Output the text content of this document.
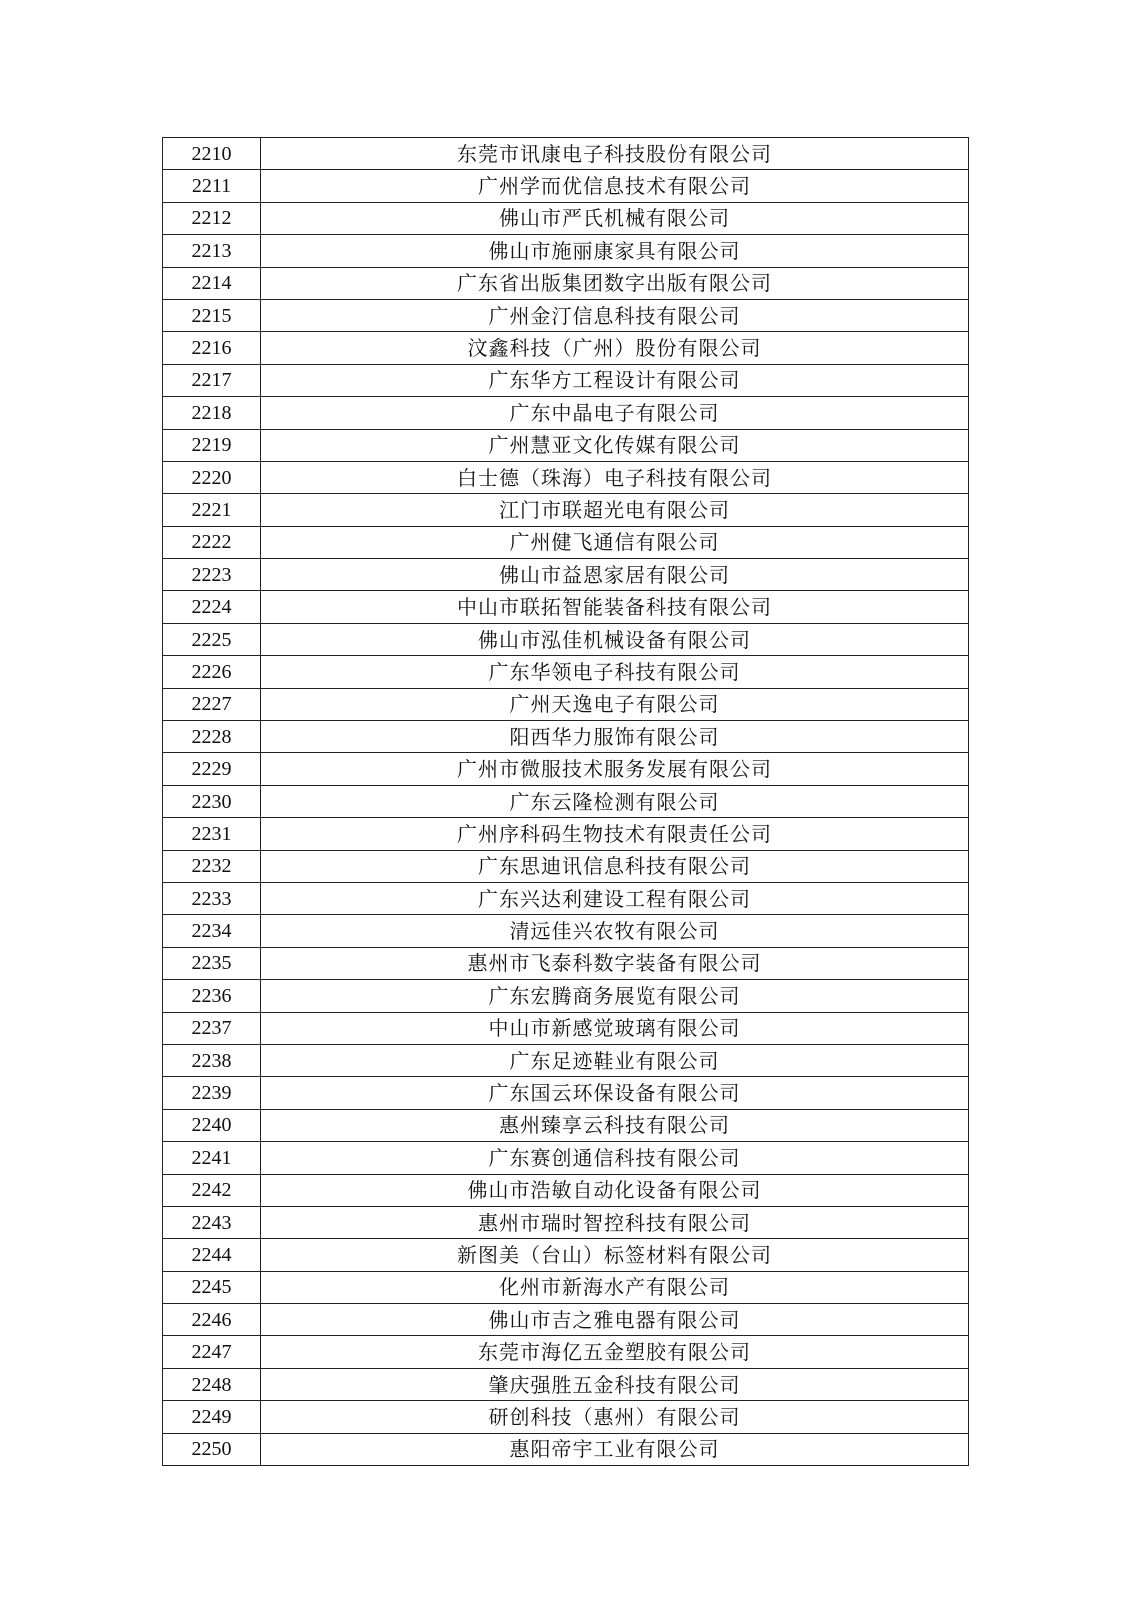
2210	东莞市讯康电子科技股份有限公司
2211	广州学而优信息技术有限公司
2212	佛山市严氏机械有限公司
2213	佛山市施丽康家具有限公司
2214	广东省出版集团数字出版有限公司
2215	广州金汀信息科技有限公司
2216	汶鑫科技（广州）股份有限公司
2217	广东华方工程设计有限公司
2218	广东中晶电子有限公司
2219	广州慧亚文化传媒有限公司
2220	白士德（珠海）电子科技有限公司
2221	江门市联超光电有限公司
2222	广州健飞通信有限公司
2223	佛山市益恩家居有限公司
2224	中山市联拓智能装备科技有限公司
2225	佛山市泓佳机械设备有限公司
2226	广东华领电子科技有限公司
2227	广州天逸电子有限公司
2228	阳西华力服饰有限公司
2229	广州市微服技术服务发展有限公司
2230	广东云隆检测有限公司
2231	广州序科码生物技术有限责任公司
2232	广东思迪讯信息科技有限公司
2233	广东兴达利建设工程有限公司
2234	清远佳兴农牧有限公司
2235	惠州市飞泰科数字装备有限公司
2236	广东宏腾商务展览有限公司
2237	中山市新感觉玻璃有限公司
2238	广东足迹鞋业有限公司
2239	广东国云环保设备有限公司
2240	惠州臻享云科技有限公司
2241	广东赛创通信科技有限公司
2242	佛山市浩敏自动化设备有限公司
2243	惠州市瑞时智控科技有限公司
2244	新图美（台山）标签材料有限公司
2245	化州市新海水产有限公司
2246	佛山市吉之雅电器有限公司
2247	东莞市海亿五金塑胶有限公司
2248	肇庆强胜五金科技有限公司
2249	研创科技（惠州）有限公司
2250	惠阳帝宇工业有限公司
